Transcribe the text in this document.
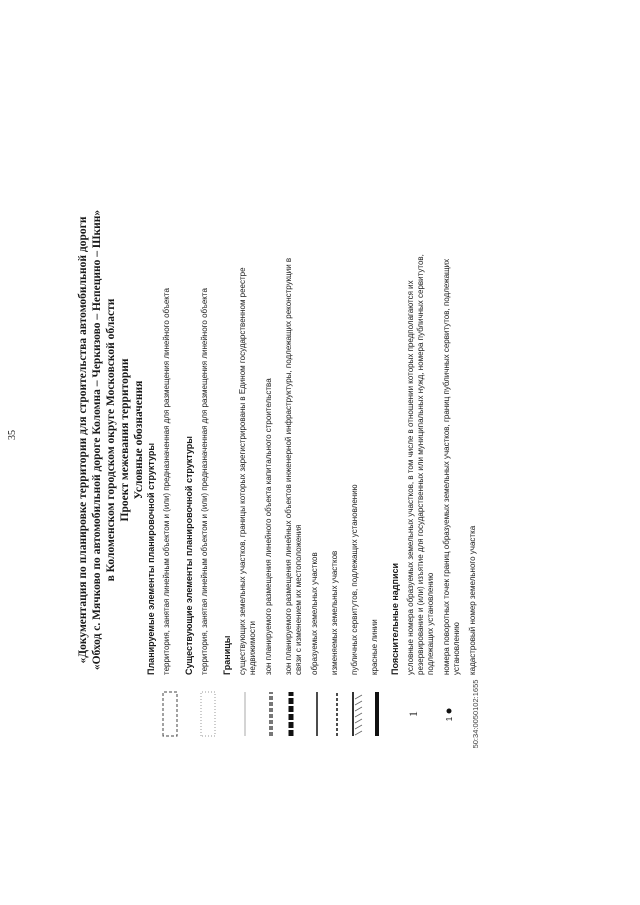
35	«Документация по планировке территории для строительства автомобильной дороги «Обход с. Мячково по автомобильной дороге Коломна – Черкизово – Непецино – Шкин» в Коломенском городском округе Московской области Проект межевания территории Условные обозначения
Планируемые элементы планировочной структуры территория, занятая линейным объектом и (или) предназначенная для размещения линейного объекта Существующие элементы планировочной структуры территория, занятая линейным объектом и (или) предназначенная для размещения линейного объекта Границы существующих земельных участков, границы которых зарегистрированы в Едином государственном реестре недвижимости зон планируемого размещения линейного объекта капитального строительства зон планируемого размещения линейных объектов инженерной инфраструктуры, подлежащих реконструкции в связи с изменением их местоположения образуемых земельных участков изменяемых земельных участков публичных сервитутов, подлежащих установлению красные линии Пояснительные надписи
1
условные номера образуемых земельных участков, в том числе в отношении которых предполагаются их резервирование и (или) изъятие для государственных или муниципальных нужд, номера публичных сервитутов, подлежащих установлению
1
номера поворотных точек границ образуемых земельных участков, границ публичных сервитутов, подлежащих установлению
50:34:0050102:1655
кадастровый номер земельного участка
